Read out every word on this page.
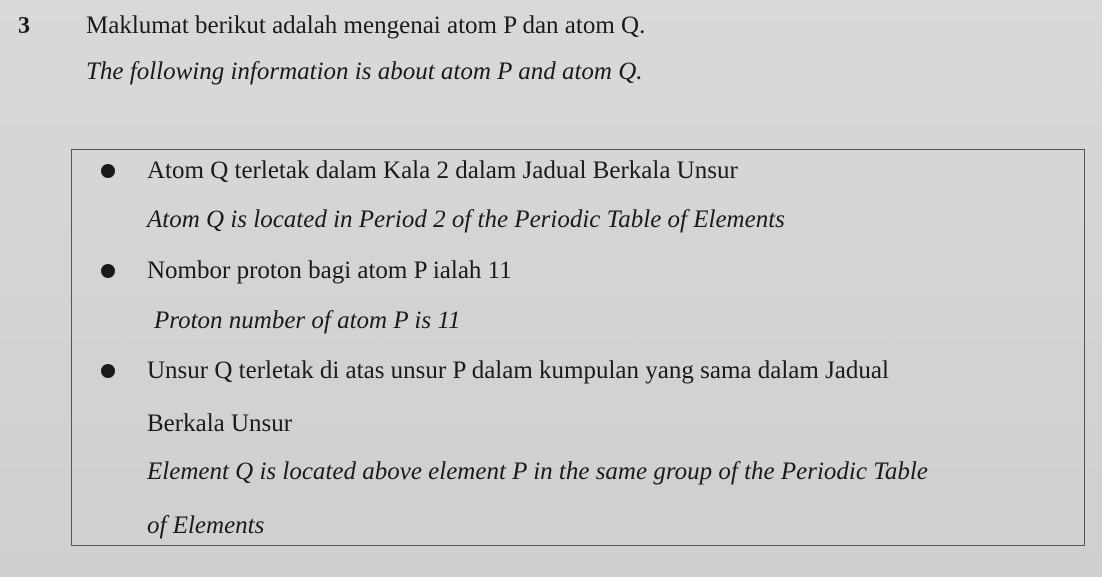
3 Maklumat berikut adalah mengenai atom P dan atom Q.
The following information is about atom P and atom Q.
Atom Q terletak dalam Kala 2 dalam Jadual Berkala Unsur
Atom Q is located in Period 2 of the Periodic Table of Elements
Nombor proton bagi atom P ialah 11
Proton number of atom P is 11
Unsur Q terletak di atas unsur P dalam kumpulan yang sama dalam Jadual
Berkala Unsur
Element Q is located above element P in the same group of the Periodic Table
of Elements
